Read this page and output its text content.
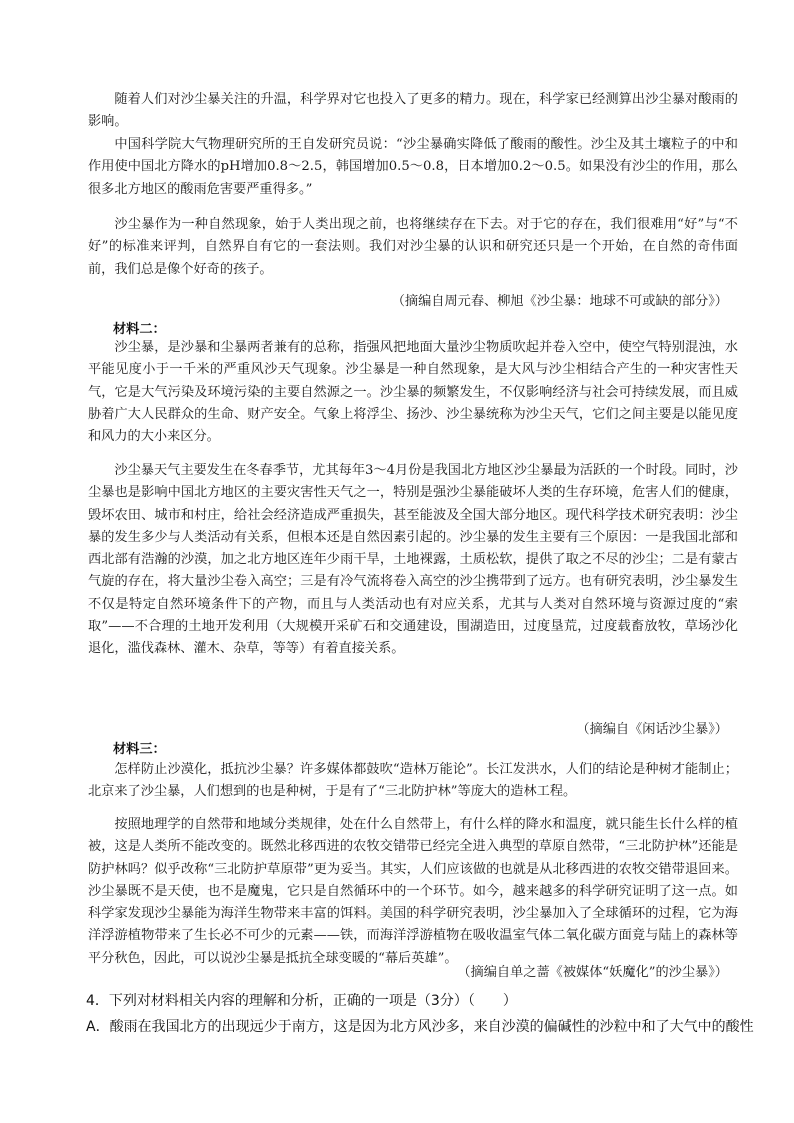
随着人们对沙尘暴关注的升温，科学界对它也投入了更多的精力。现在，科学家已经测算出沙尘暴对酸雨的影响。

中国科学院大气物理研究所的王自发研究员说：“沙尘暴确实降低了酸雨的酸性。沙尘及其土壤粒子的中和作用使中国北方降水的pH增加0.8～2.5，韩国增加0.5～0.8，日本增加0.2～0.5。如果没有沙尘的作用，那么很多北方地区的酸雨危害要严重得多。”

沙尘暴作为一种自然现象，始于人类出现之前，也将继续存在下去。对于它的存在，我们很难用“好”与“不好”的标准来评判，自然界自有它的一套法则。我们对沙尘暴的认识和研究还只是一个开始，在自然的奇伟面前，我们总是像个好奇的孩子。

（摘编自周元春、柳旭《沙尘暴：地球不可或缺的部分》）
材料二：

沙尘暴，是沙暴和尘暴两者兼有的总称，指强风把地面大量沙尘物质吹起并卷入空中，使空气特别混浊，水平能见度小于一千米的严重风沙天气现象。沙尘暴是一种自然现象，是大风与沙尘相结合产生的一种灾害性天气，它是大气污染及环境污染的主要自然源之一。沙尘暴的频繁发生，不仅影响经济与社会可持续发展，而且威胁着广大人民群众的生命、财产安全。气象上将浮尘、扬沙、沙尘暴统称为沙尘天气，它们之间主要是以能见度和风力的大小来区分。

沙尘暴天气主要发生在冬春季节，尤其每年3～4月份是我国北方地区沙尘暴最为活跃的一个时段。同时，沙尘暴也是影响中国北方地区的主要灾害性天气之一，特别是强沙尘暴能破坏人类的生存环境，危害人们的健康，毁坏农田、城市和村庄，给社会经济造成严重损失，甚至能波及全国大部分地区。现代科学技术研究表明：沙尘暴的发生多少与人类活动有关系，但根本还是自然因素引起的。沙尘暴的发生主要有三个原因：一是我国北部和西北部有浩瀚的沙漠，加之北方地区连年少雨干旱，土地裸露，土质松软，提供了取之不尽的沙尘；二是有蒙古气旋的存在，将大量沙尘卷入高空；三是有冷气流将卷入高空的沙尘携带到了远方。也有研究表明，沙尘暴发生不仅是特定自然环境条件下的产物，而且与人类活动也有对应关系，尤其与人类对自然环境与资源过度的“索取”——不合理的土地开发利用（大规模开采矿石和交通建设，围湖造田，过度垦荒，过度载畜放牧，草场沙化退化，滥伐森林、灌木、杂草，等等）有着直接关系。

（摘编自《闲话沙尘暴》）
材料三：

怎样防止沙漠化，抵抗沙尘暴？许多媒体都鼓吹“造林万能论”。长江发洪水，人们的结论是种树才能制止；北京来了沙尘暴，人们想到的也是种树，于是有了“三北防护林”等庞大的造林工程。

按照地理学的自然带和地域分类规律，处在什么自然带上，有什么样的降水和温度，就只能生长什么样的植被，这是人类所不能改变的。既然北移西进的农牧交错带已经完全进入典型的草原自然带，“三北防护林”还能是防护林吗？似乎改称“三北防护草原带”更为妥当。其实，人们应该做的也就是从北移西进的农牧交错带退回来。沙尘暴既不是天使，也不是魔鬼，它只是自然循环中的一个环节。如今，越来越多的科学研究证明了这一点。如科学家发现沙尘暴能为海洋生物带来丰富的饵料。美国的科学研究表明，沙尘暴加入了全球循环的过程，它为海洋浮游植物带来了生长必不可少的元素——铁，而海洋浮游植物在吸收温室气体二氧化碳方面竟与陆上的森林等平分秋色，因此，可以说沙尘暴是抵抗全球变暖的“幕后英雄”。

（摘编自单之蔷《被媒体“妖魔化”的沙尘暴》）

4．下列对材料相关内容的理解和分析，正确的一项是（3分）（　　）

A．酸雨在我国北方的出现远少于南方，这是因为北方风沙多，来自沙漠的偏碱性的沙粒中和了大气中的酸性
